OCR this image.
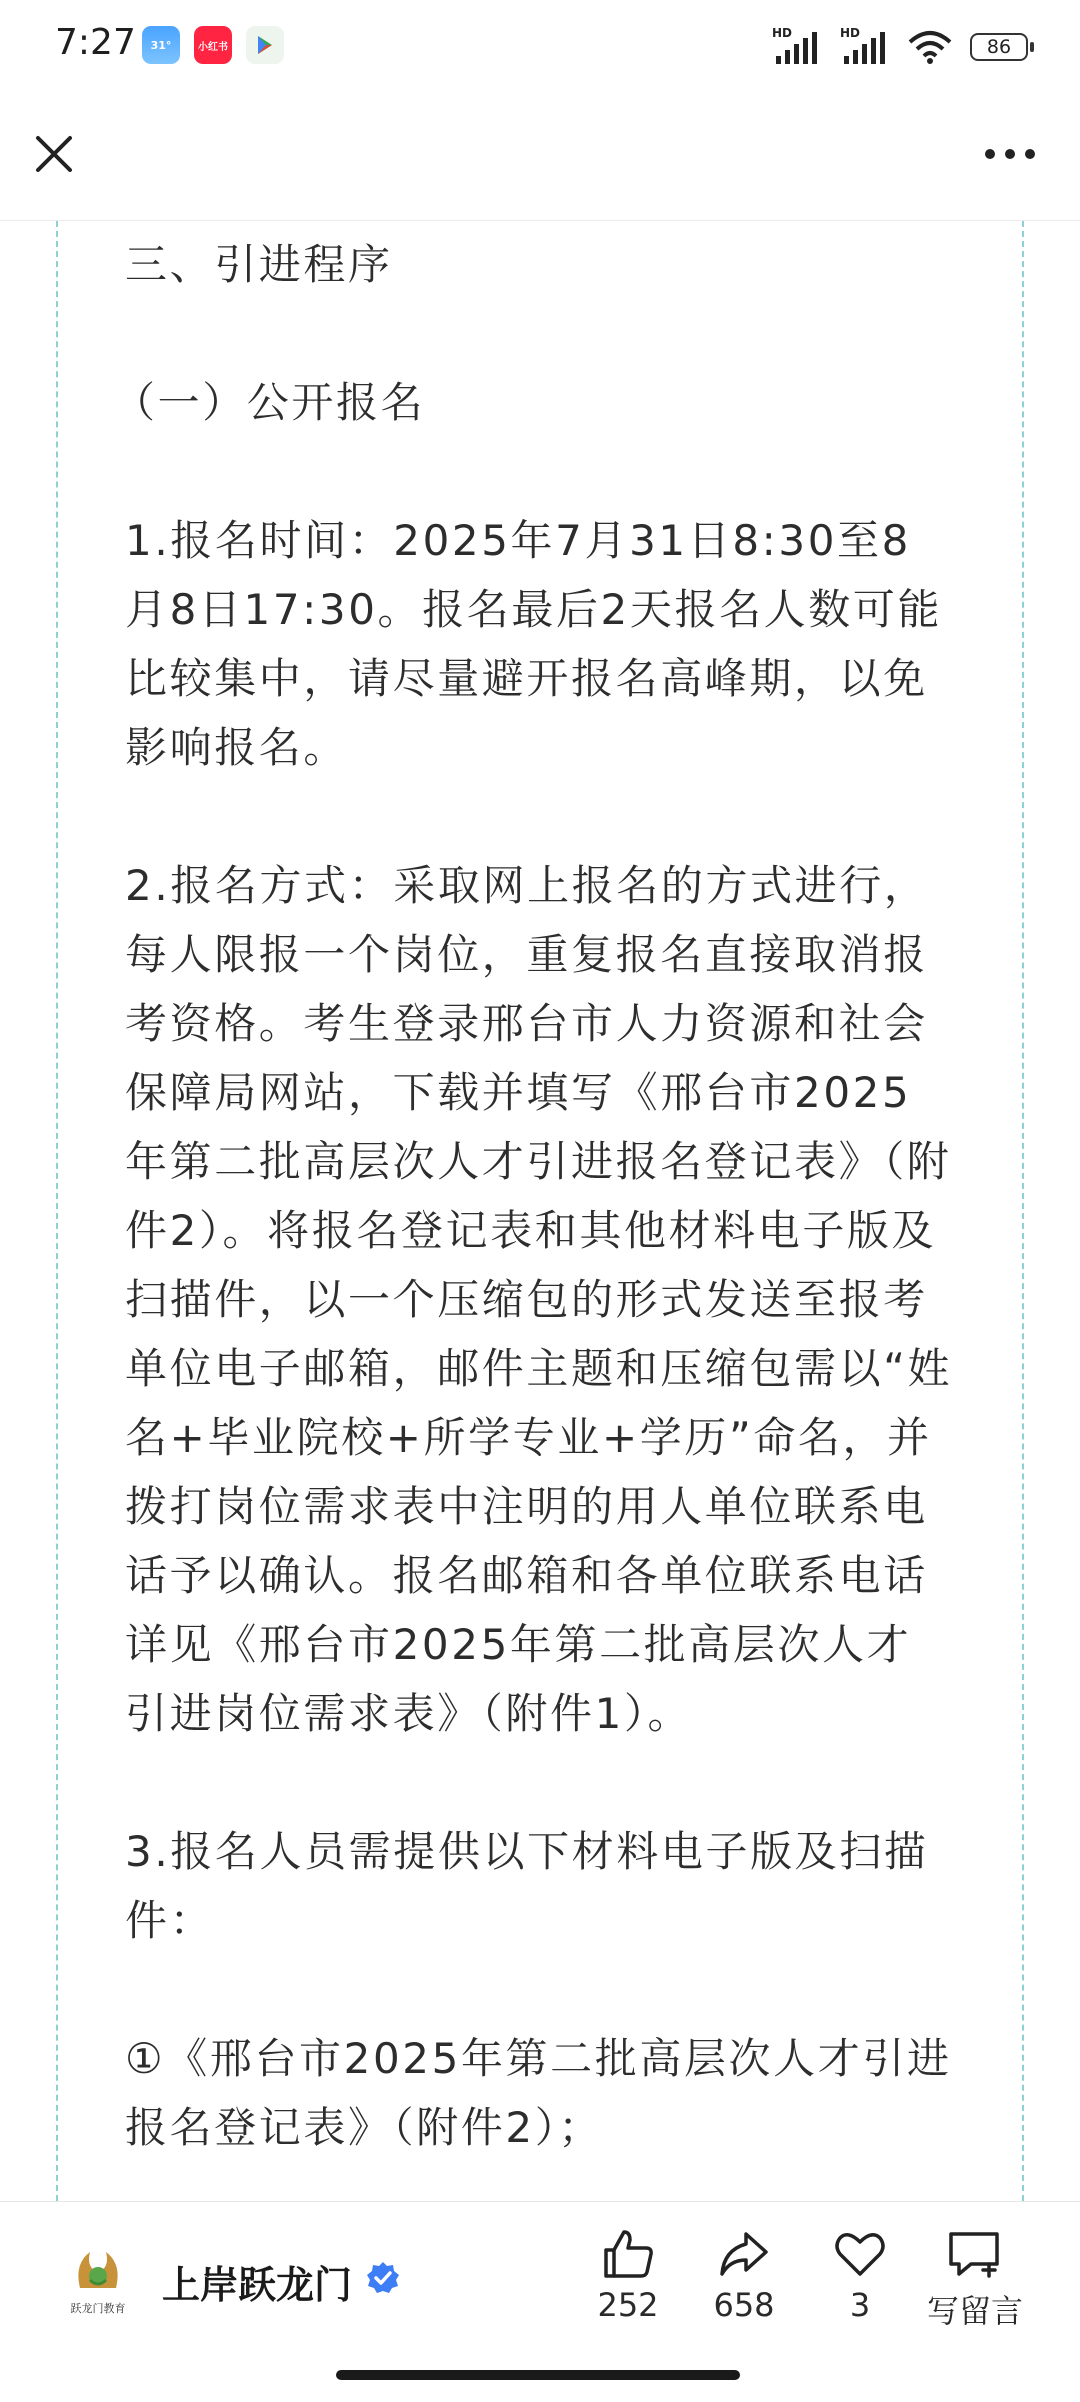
7:27	31°	小红书
HD	HD
86

三、引进程序

（一）公开报名

1.报名时间：2025年7月31日8:30至8月8日17:30。报名最后2天报名人数可能比较集中，请尽量避开报名高峰期，以免影响报名。

2.报名方式：采取网上报名的方式进行，每人限报一个岗位，重复报名直接取消报考资格。考生登录邢台市人力资源和社会保障局网站，下载并填写《邢台市2025年第二批高层次人才引进报名登记表》（附件2）。将报名登记表和其他材料电子版及扫描件，以一个压缩包的形式发送至报考单位电子邮箱，邮件主题和压缩包需以“姓名+毕业院校+所学专业+学历”命名，并拨打岗位需求表中注明的用人单位联系电话予以确认。报名邮箱和各单位联系电话详见《邢台市2025年第二批高层次人才引进岗位需求表》（附件1）。

3.报名人员需提供以下材料电子版及扫描件：

①《邢台市2025年第二批高层次人才引进报名登记表》（附件2）；

跃龙门教育
上岸跃龙门	252	658	3	写留言
